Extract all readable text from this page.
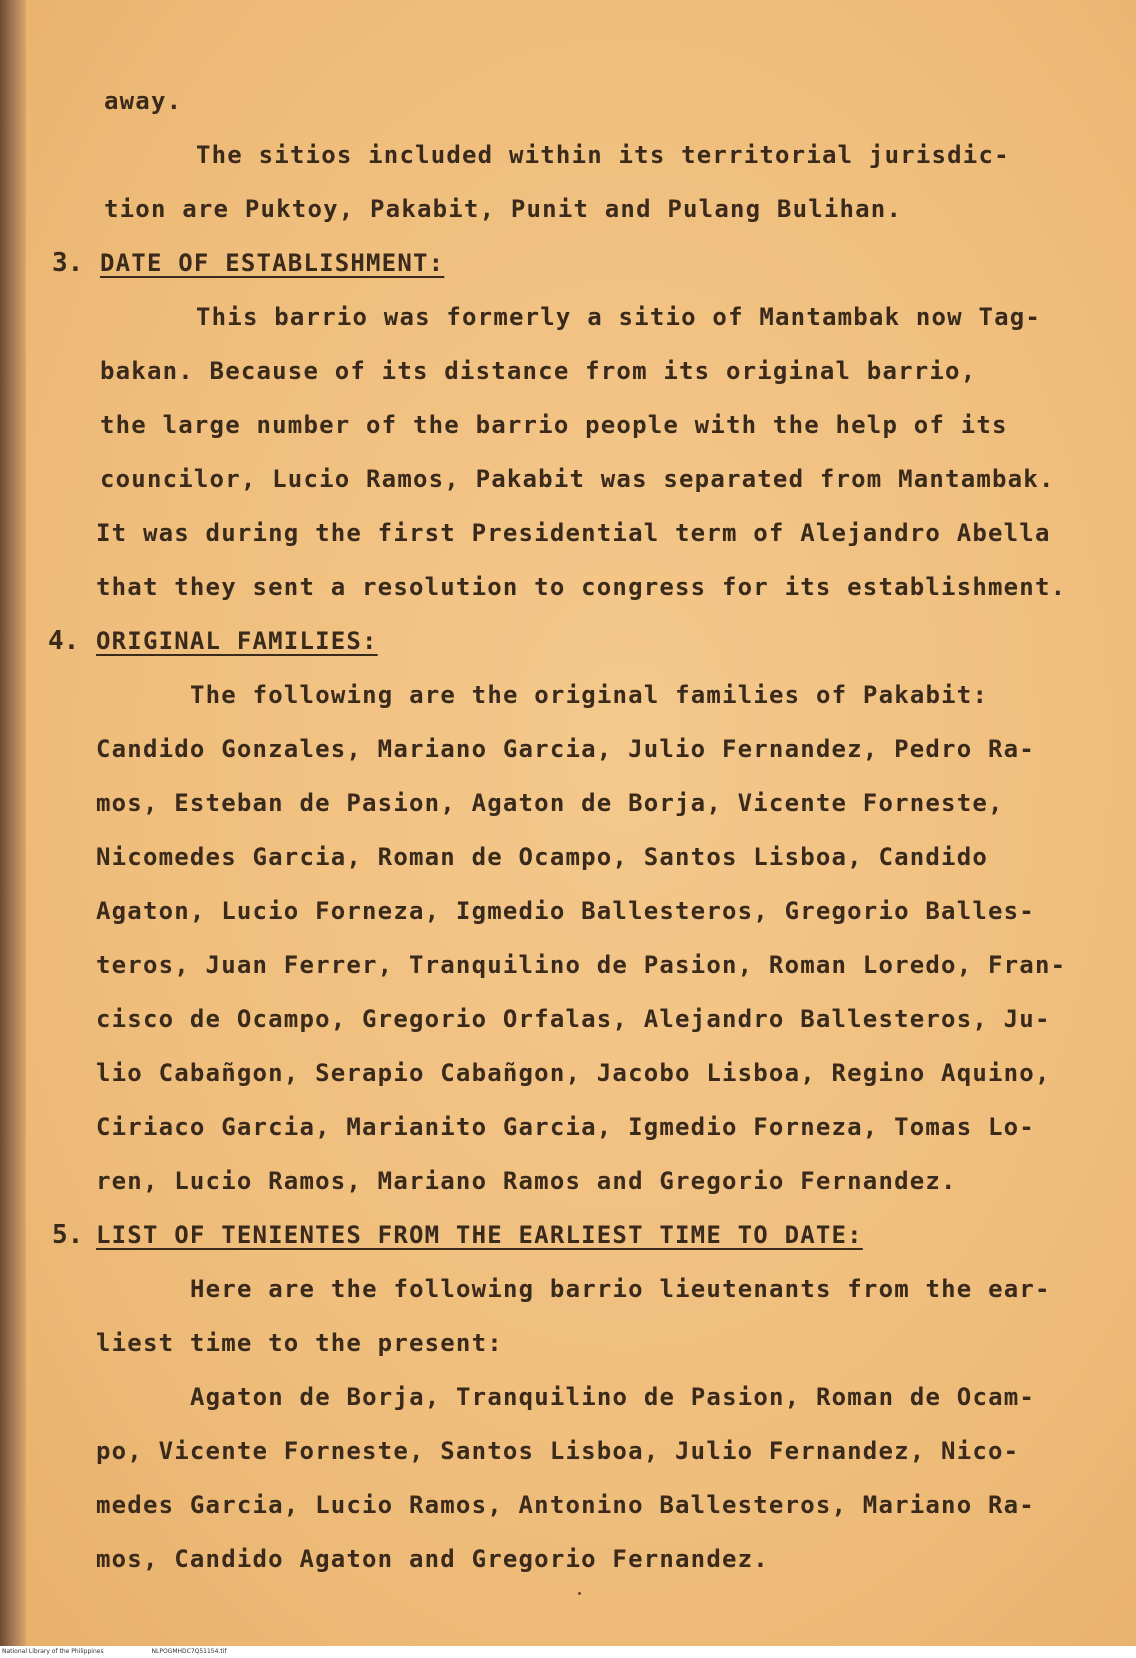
away.
The sitios included within its territorial jurisdic-
tion are Puktoy, Pakabit, Punit and Pulang Bulihan.
3. DATE OF ESTABLISHMENT:
This barrio was formerly a sitio of Mantambak now Tag-
bakan. Because of its distance from its original barrio,
the large number of the barrio people with the help of its
councilor, Lucio Ramos, Pakabit was separated from Mantambak.
It was during the first Presidential term of Alejandro Abella
that they sent a resolution to congress for its establishment.
4. ORIGINAL FAMILIES:
The following are the original families of Pakabit:
Candido Gonzales, Mariano Garcia, Julio Fernandez, Pedro Ra-
mos, Esteban de Pasion, Agaton de Borja, Vicente Forneste,
Nicomedes Garcia, Roman de Ocampo, Santos Lisboa, Candido
Agaton, Lucio Forneza, Igmedio Ballesteros, Gregorio Balles-
teros, Juan Ferrer, Tranquilino de Pasion, Roman Loredo, Fran-
cisco de Ocampo, Gregorio Orfalas, Alejandro Ballesteros, Ju-
lio Cabañgon, Serapio Cabañgon, Jacobo Lisboa, Regino Aquino,
Ciriaco Garcia, Marianito Garcia, Igmedio Forneza, Tomas Lo-
ren, Lucio Ramos, Mariano Ramos and Gregorio Fernandez.
5. LIST OF TENIENTES FROM THE EARLIEST TIME TO DATE:
Here are the following barrio lieutenants from the ear-
liest time to the present:
Agaton de Borja, Tranquilino de Pasion, Roman de Ocam-
po, Vicente Forneste, Santos Lisboa, Julio Fernandez, Nico-
medes Garcia, Lucio Ramos, Antonino Ballesteros, Mariano Ra-
mos, Candido Agaton and Gregorio Fernandez.
National Library of the Philippines	NLPOGMHDC7Q51154.tif
